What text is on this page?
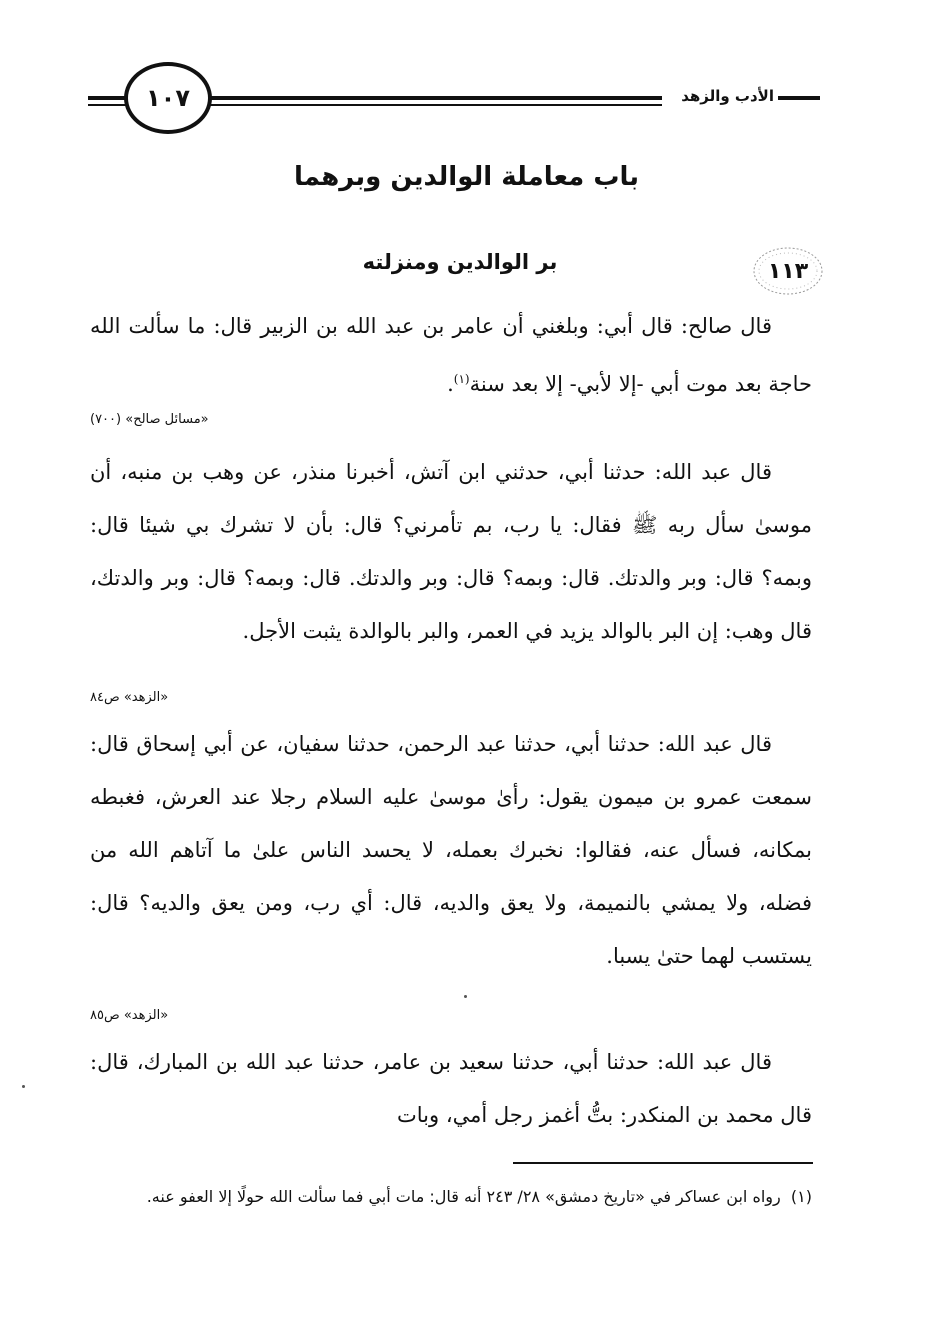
١٠٧	الأدب والزهد
باب معاملة الوالدين وبرهما
١١٣
بر الوالدين ومنزلته
قال صالح: قال أبي: وبلغني أن عامر بن عبد الله بن الزبير قال: ما سألت الله حاجة بعد موت أبي -إلا لأبي- إلا بعد سنة$^{(١)}$.
«مسائل صالح» (٧٠٠)
قال عبد الله: حدثنا أبي، حدثني ابن آتش، أخبرنا منذر، عن وهب بن منبه، أن موسىٰ سأل ربه ﷺ فقال: يا رب، بم تأمرني؟ قال: بأن لا تشرك بي شيئا قال: وبمه؟ قال: وبر والدتك. قال: وبمه؟ قال: وبر والدتك. قال: وبمه؟ قال: وبر والدتك، قال وهب: إن البر بالوالد يزيد في العمر، والبر بالوالدة يثبت الأجل.
«الزهد» ص٨٤
قال عبد الله: حدثنا أبي، حدثنا عبد الرحمن، حدثنا سفيان، عن أبي إسحاق قال: سمعت عمرو بن ميمون يقول: رأىٰ موسىٰ عليه السلام رجلا عند العرش، فغبطه بمكانه، فسأل عنه، فقالوا: نخبرك بعمله، لا يحسد الناس علىٰ ما آتاهم الله من فضله، ولا يمشي بالنميمة، ولا يعق والديه، قال: أي رب، ومن يعق والديه؟ قال: يستسب لهما حتىٰ يسبا.
«الزهد» ص٨٥
قال عبد الله: حدثنا أبي، حدثنا سعيد بن عامر، حدثنا عبد الله بن المبارك، قال: قال محمد بن المنكدر: بتُّ أغمز رجل أمي، وبات
(١)  رواه ابن عساكر في «تاريخ دمشق» ٢٨/ ٢٤٣ أنه قال: مات أبي فما سألت الله حولًا إلا العفو عنه.
